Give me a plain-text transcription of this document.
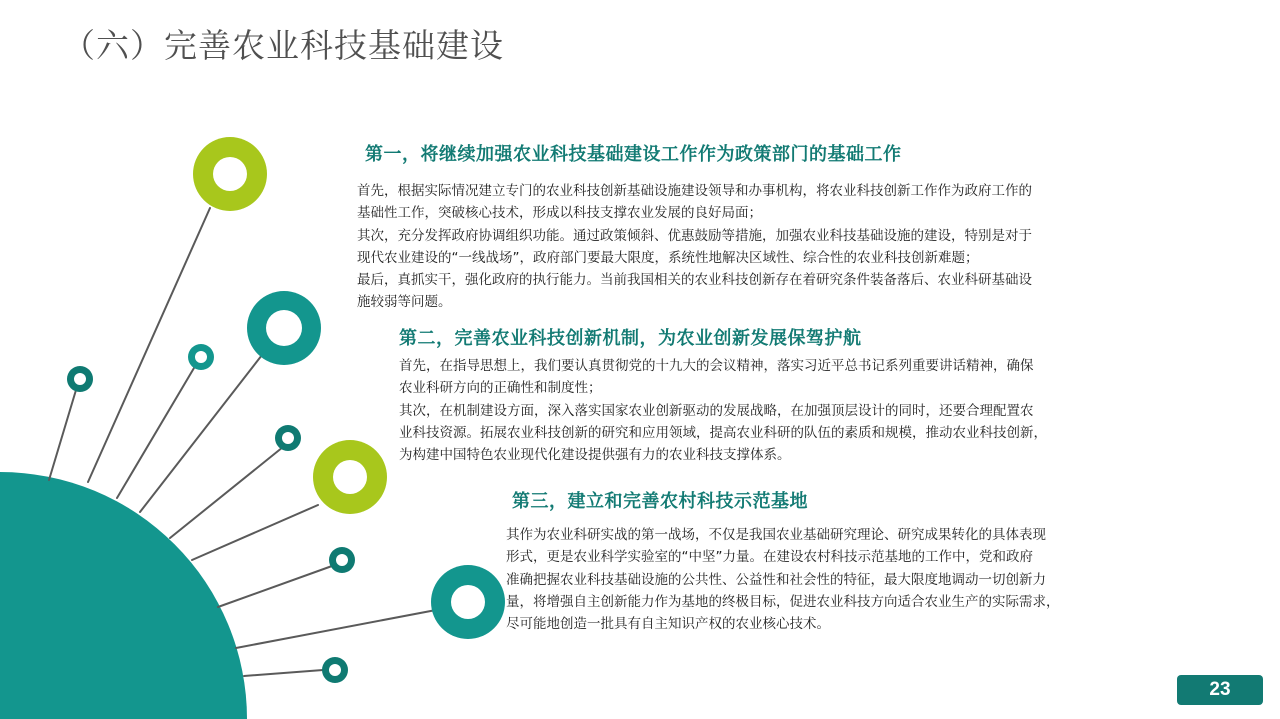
（六）完善农业科技基础建设
第一，将继续加强农业科技基础建设工作作为政策部门的基础工作

首先，根据实际情况建立专门的农业科技创新基础设施建设领导和办事机构，将农业科技创新工作作为政府工作的

基础性工作，突破核心技术，形成以科技支撑农业发展的良好局面；

其次，充分发挥政府协调组织功能。通过政策倾斜、优惠鼓励等措施，加强农业科技基础设施的建设，特别是对于

现代农业建设的“一线战场”，政府部门要最大限度，系统性地解决区域性、综合性的农业科技创新难题；

最后，真抓实干，强化政府的执行能力。当前我国相关的农业科技创新存在着研究条件装备落后、农业科研基础设

施较弱等问题。

第二，完善农业科技创新机制，为农业创新发展保驾护航

首先，在指导思想上，我们要认真贯彻党的十九大的会议精神，落实习近平总书记系列重要讲话精神，确保

农业科研方向的正确性和制度性；

其次，在机制建设方面，深入落实国家农业创新驱动的发展战略，在加强顶层设计的同时，还要合理配置农

业科技资源。拓展农业科技创新的研究和应用领域，提高农业科研的队伍的素质和规模，推动农业科技创新，

为构建中国特色农业现代化建设提供强有力的农业科技支撑体系。

第三，建立和完善农村科技示范基地

其作为农业科研实战的第一战场，不仅是我国农业基础研究理论、研究成果转化的具体表现

形式，更是农业科学实验室的“中坚”力量。在建设农村科技示范基地的工作中，党和政府

准确把握农业科技基础设施的公共性、公益性和社会性的特征，最大限度地调动一切创新力

量，将增强自主创新能力作为基地的终极目标，促进农业科技方向适合农业生产的实际需求，

尽可能地创造一批具有自主知识产权的农业核心技术。

23
